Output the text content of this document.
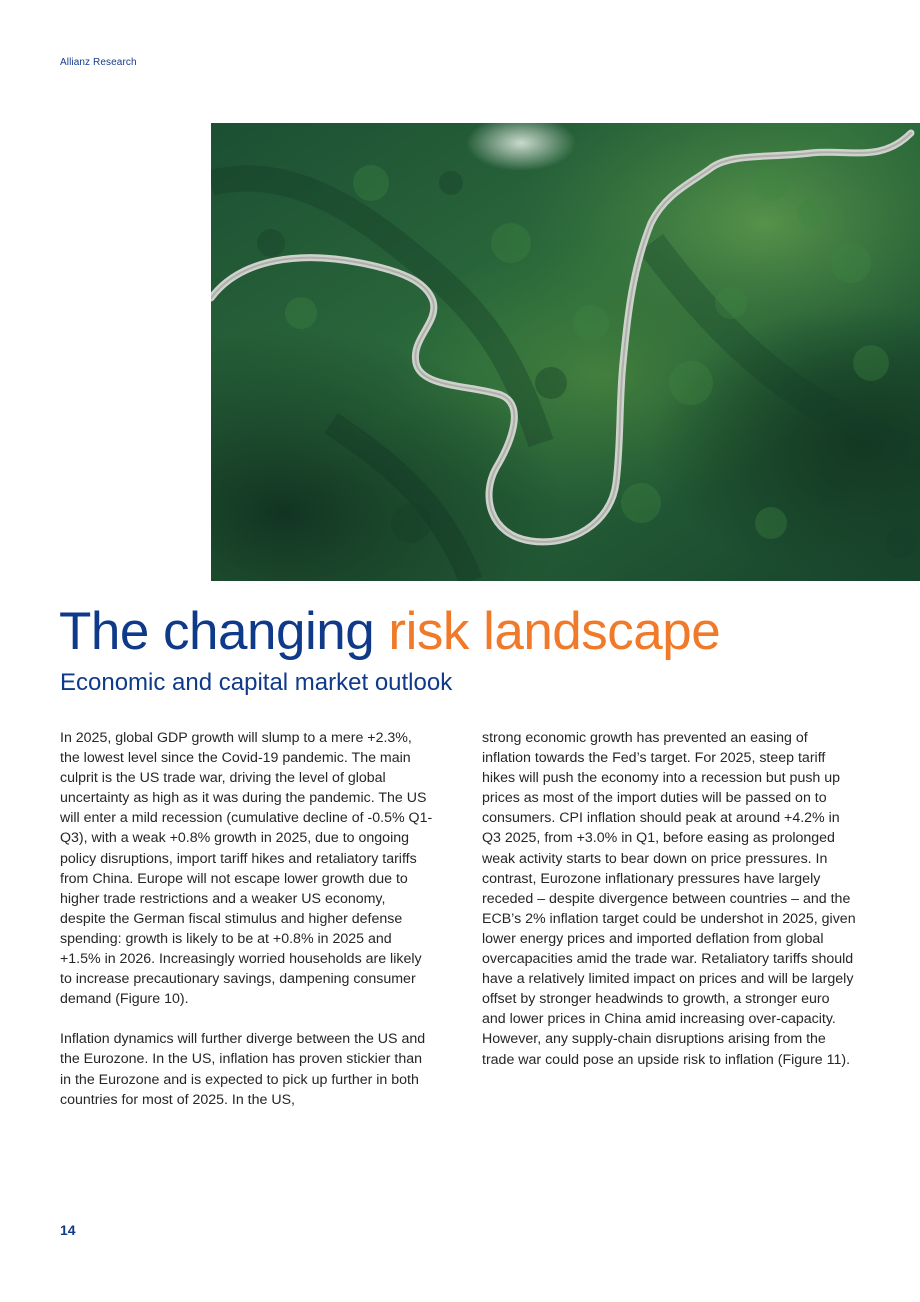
Allianz Research
The changing risk landscape
Economic and capital market outlook

In 2025, global GDP growth will slump to a mere +2.3%, the lowest level since the Covid-19 pandemic. The main culprit is the US trade war, driving the level of global uncertainty as high as it was during the pandemic. The US will enter a mild recession (cumulative decline of -0.5% Q1-Q3), with a weak +0.8% growth in 2025, due to ongoing policy disruptions, import tariff hikes and retaliatory tariffs from China. Europe will not escape lower growth due to higher trade restrictions and a weaker US economy, despite the German fiscal stimulus and higher defense spending: growth is likely to be at +0.8% in 2025 and +1.5% in 2026. Increasingly worried households are likely to increase precautionary savings, dampening consumer demand (Figure 10).

Inflation dynamics will further diverge between the US and the Eurozone. In the US, inflation has proven stickier than in the Eurozone and is expected to pick up further in both countries for most of 2025. In the US,

strong economic growth has prevented an easing of inflation towards the Fed’s target. For 2025, steep tariff hikes will push the economy into a recession but push up prices as most of the import duties will be passed on to consumers. CPI inflation should peak at around +4.2% in Q3 2025, from +3.0% in Q1, before easing as prolonged weak activity starts to bear down on price pressures. In contrast, Eurozone inflationary pressures have largely receded – despite divergence between countries – and the ECB’s 2% inflation target could be undershot in 2025, given lower energy prices and imported deflation from global overcapacities amid the trade war. Retaliatory tariffs should have a relatively limited impact on prices and will be largely offset by stronger headwinds to growth, a stronger euro and lower prices in China amid increasing over-capacity. However, any supply-chain disruptions arising from the trade war could pose an upside risk to inflation (Figure 11).

14
